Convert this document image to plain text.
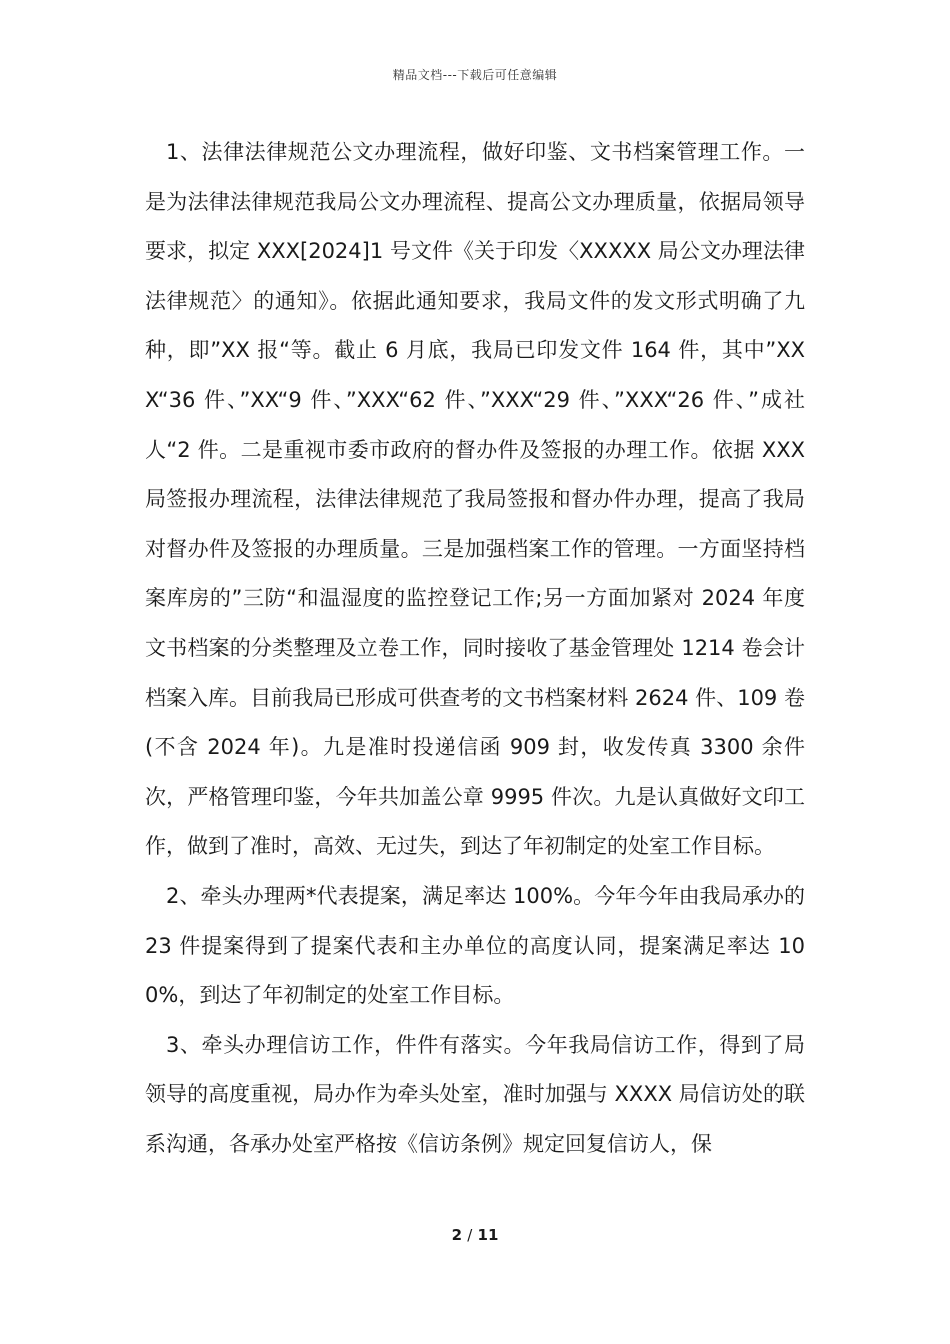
精品文档---下载后可任意编辑

1、法律法律规范公文办理流程，做好印鉴、文书档案管理工作。一是为法律法律规范我局公文办理流程、提高公文办理质量，依据局领导要求，拟定 XXX[2024]1 号文件《关于印发〈XXXXX 局公文办理法律法律规范〉的通知》。依据此通知要求，我局文件的发文形式明确了九种，即”XX 报“等。截止 6 月底，我局已印发文件 164 件，其中”XXX“36 件、”XX“9 件、”XXX“62 件、”XXX“29 件、”XXX“26 件、”成社人“2 件。二是重视市委市政府的督办件及签报的办理工作。依据 XXX 局签报办理流程，法律法律规范了我局签报和督办件办理，提高了我局对督办件及签报的办理质量。三是加强档案工作的管理。一方面坚持档案库房的”三防“和温湿度的监控登记工作;另一方面加紧对 2024 年度文书档案的分类整理及立卷工作，同时接收了基金管理处 1214 卷会计档案入库。目前我局已形成可供查考的文书档案材料 2624 件、109 卷(不含 2024 年)。九是准时投递信函 909 封，收发传真 3300 余件次，严格管理印鉴，今年共加盖公章 9995 件次。九是认真做好文印工作，做到了准时，高效、无过失，到达了年初制定的处室工作目标。

2、牵头办理两*代表提案，满足率达 100%。今年今年由我局承办的 23 件提案得到了提案代表和主办单位的高度认同，提案满足率达 100%，到达了年初制定的处室工作目标。

3、牵头办理信访工作，件件有落实。今年我局信访工作，得到了局领导的高度重视，局办作为牵头处室，准时加强与 XXXX 局信访处的联系沟通，各承办处室严格按《信访条例》规定回复信访人，保

2 / 11
